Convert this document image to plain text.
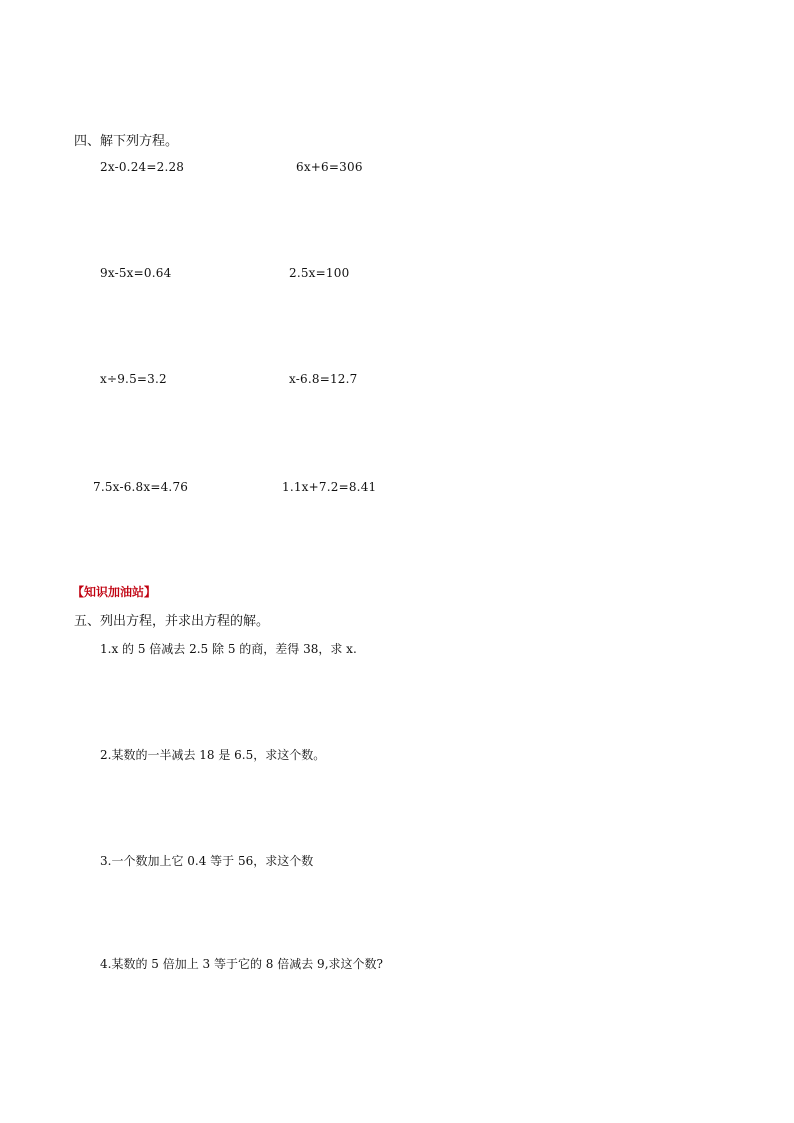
四、解下列方程。
2x-0.24=2.28	6x+6=306
9x-5x=0.64	2.5x=100
x÷9.5=3.2	x-6.8=12.7
7.5x-6.8x=4.76	1.1x+7.2=8.41
【知识加油站】
五、列出方程，并求出方程的解。
1.x 的 5 倍减去 2.5 除 5 的商，差得 38，求 x.
2.某数的一半减去 18 是 6.5，求这个数。
3.一个数加上它 0.4 等于 56，求这个数
4.某数的 5 倍加上 3 等于它的 8 倍减去 9,求这个数?
